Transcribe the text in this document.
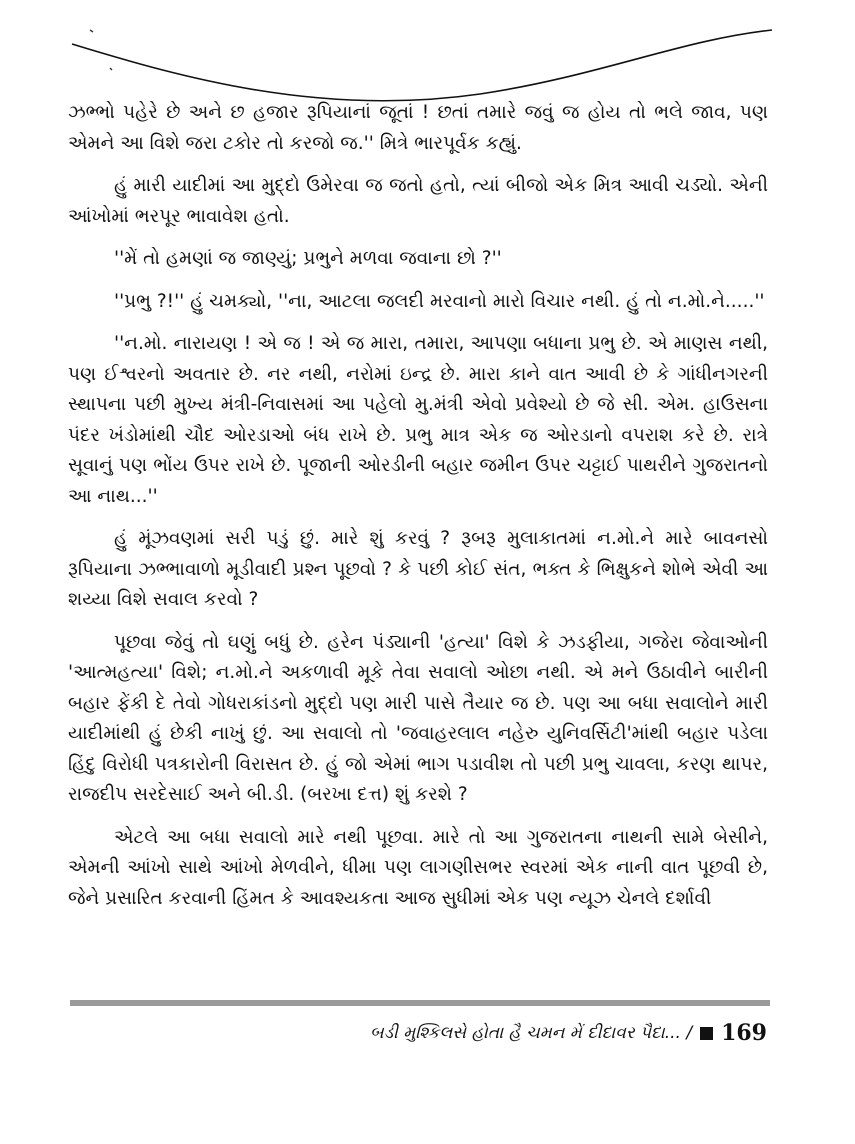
ઝભ્ભો પહેરે છે અને છ હજાર રૂપિયાનાં જૂતાં ! છતાં તમારે જવું જ હોય તો ભલે જાવ, પણ એમને આ વિશે જરા ટકોર તો કરજો જ.'' મિત્રે ભારપૂર્વક કહ્યું.

હું મારી યાદીમાં આ મુદ્દો ઉમેરવા જ જતો હતો, ત્યાં બીજો એક મિત્ર આવી ચડ્યો. એની આંખોમાં ભરપૂર ભાવાવેશ હતો.

''મેં તો હમણાં જ જાણ્યું; પ્રભુને મળવા જવાના છો ?''

''પ્રભુ ?!'' હું ચમક્યો, ''ના, આટલા જલદી મરવાનો મારો વિચાર નથી. હું તો ન.મો.ને.....''

''ન.મો. નારાયણ ! એ જ ! એ જ મારા, તમારા, આપણા બધાના પ્રભુ છે. એ માણસ નથી, પણ ઈશ્વરનો અવતાર છે. નર નથી, નરોમાં ઇન્દ્ર છે. મારા કાને વાત આવી છે કે ગાંધીનગરની સ્થાપના પછી મુખ્ય મંત્રી-નિવાસમાં આ પહેલો મુ.મંત્રી એવો પ્રવેશ્યો છે જે સી. એમ. હાઉસના પંદર ખંડોમાંથી ચૌદ ઓરડાઓ બંધ રાખે છે. પ્રભુ માત્ર એક જ ઓરડાનો વપરાશ કરે છે. રાત્રે સૂવાનું પણ ભોંય ઉપર રાખે છે. પૂજાની ઓરડીની બહાર જમીન ઉપર ચટ્ટાઈ પાથરીને ગુજરાતનો આ નાથ...''

હું મૂંઝવણમાં સરી પડું છું. મારે શું કરવું ? રૂબરૂ મુલાકાતમાં ન.મો.ને મારે બાવનસો રૂપિયાના ઝભ્ભાવાળો મૂડીવાદી પ્રશ્ન પૂછવો ? કે પછી કોઈ સંત, ભક્ત કે ભિક્ષુકને શોભે એવી આ શય્યા વિશે સવાલ કરવો ?

પૂછવા જેવું તો ઘણું બધું છે. હરેન પંડ્યાની 'હત્યા' વિશે કે ઝડફીયા, ગજેરા જેવાઓની 'આત્મહત્યા' વિશે; ન.મો.ને અકળાવી મૂકે તેવા સવાલો ઓછા નથી. એ મને ઉઠાવીને બારીની બહાર ફેંકી દે તેવો ગોધરાકાંડનો મુદ્દો પણ મારી પાસે તૈયાર જ છે. પણ આ બધા સવાલોને મારી યાદીમાંથી હું છેકી નાખું છું. આ સવાલો તો 'જવાહરલાલ નહેરુ યુનિવર્સિટી'માંથી બહાર પડેલા હિંદુ વિરોધી પત્રકારોની વિરાસત છે. હું જો એમાં ભાગ પડાવીશ તો પછી પ્રભુ ચાવલા, કરણ થાપર, રાજદીપ સરદેસાઈ અને બી.ડી. (બરખા દત્ત) શું કરશે ?

એટલે આ બધા સવાલો મારે નથી પૂછવા. મારે તો આ ગુજરાતના નાથની સામે બેસીને, એમની આંખો સાથે આંખો મેળવીને, ધીમા પણ લાગણીસભર સ્વરમાં એક નાની વાત પૂછવી છે, જેને પ્રસારિત કરવાની હિંમત કે આવશ્યકતા આજ સુધીમાં એક પણ ન્યૂઝ ચેનલે દર્શાવી

બડી મુશ્કિલસે હોતા હૈ ચમન મેં દીદાવર પૈદા... / 169
